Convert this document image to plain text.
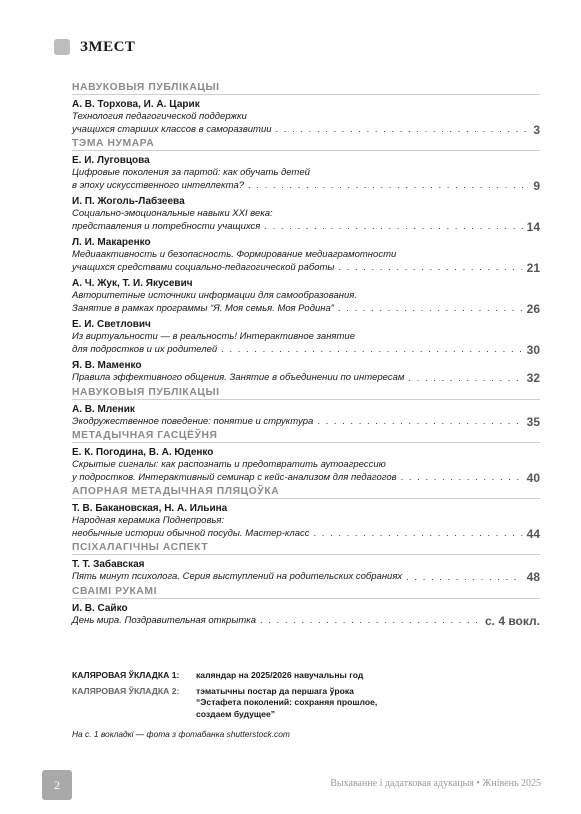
ЗМЕСТ
НАВУКОВЫЯ ПУБЛІКАЦЫІ
А. В. Торхова, И. А. Царик
Технология педагогической поддержки
учащихся старших классов в саморазвитии . . .	3
ТЭМА НУМАРА
Е. И. Луговцова
Цифровые поколения за партой: как обучать детей
в эпоху искусственного интеллекта? . . .	9
И. П. Жоголь-Лабзеева
Социально-эмоциональные навыки XXI века:
представления и потребности учащихся . . .	14
Л. И. Макаренко
Медиаактивность и безопасность. Формирование медиаграмотности
учащихся средствами социально-педагогической работы . . .	21
А. Ч. Жук, Т. И. Якусевич
Авторитетные источники информации для самообразования.
Занятие в рамках программы “Я. Моя семья. Моя Родина” . . .	26
Е. И. Светлович
Из виртуальности — в реальность! Интерактивное занятие
для подростков и их родителей . . .	30
Я. В. Маменко
Правила эффективного общения. Занятие в объединении по интересам . . .	32
НАВУКОВЫЯ ПУБЛІКАЦЫІ
А. В. Мленик
Экодружественное поведение: понятие и структура . . .	35
МЕТАДЫЧНАЯ ГАСЦЁЎНЯ
Е. К. Погодина, В. А. Юденко
Скрытые сигналы: как распознать и предотвратить аутоагрессию
у подростков. Интерактивный семинар с кейс-анализом для педагогов . . .	40
АПОРНАЯ МЕТАДЫЧНАЯ ПЛЯЦОЎКА
Т. В. Бакановская, Н. А. Ильина
Народная керамика Поднепровья:
необычные истории обычной посуды. Мастер-класс . . .	44
ПСІХАЛАГІЧНЫ АСПЕКТ
Т. Т. Забавская
Пять минут психолога. Серия выступлений на родительских собраниях . . .	48
СВАІМІ РУКАМІ
И. В. Сайко
День мира. Поздравительная открытка . . .	с. 4 вокл.
КАЛЯРОВАЯ ЎКЛАДКА 1:	каляндар на 2025/2026 навучальны год
КАЛЯРОВАЯ ЎКЛАДКА 2:	тэматычны постар да першага ўрока
“Эстафета поколений: сохраняя прошлое,
создаем будущее”
На с. 1 вокладкі — фота з фотабанка shutterstock.com
2	Выхаванне і дадатковая адукацыя • Жнівень 2025
